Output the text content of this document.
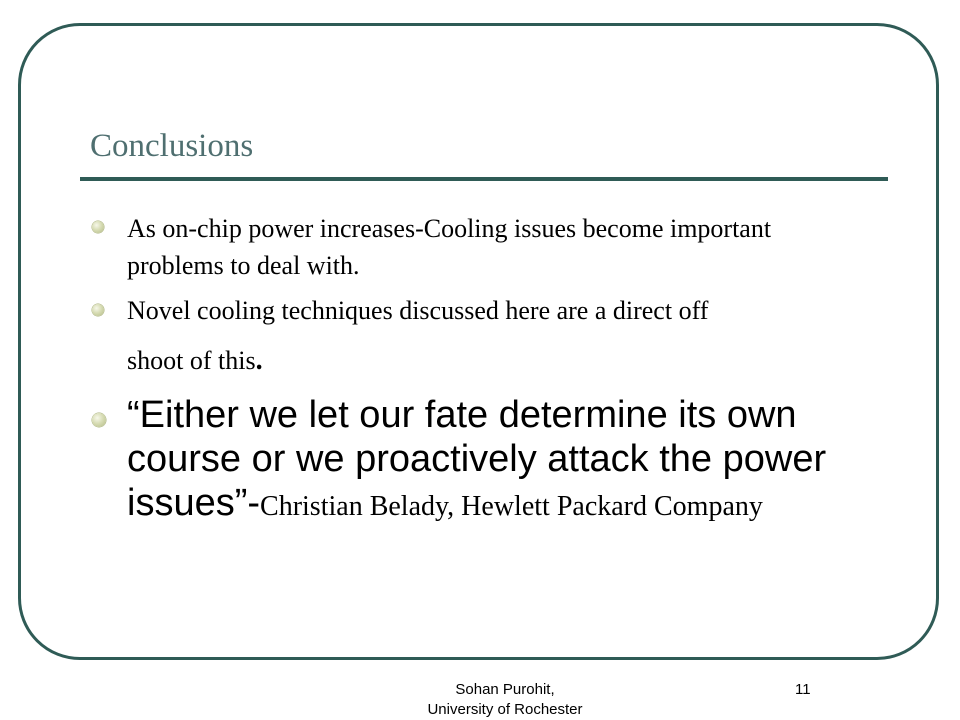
Conclusions

As on-chip power increases-Cooling issues become important problems to deal with.

Novel cooling techniques discussed here are a direct off

shoot of this.

“Either we let our fate determine its own course or we proactively attack the power issues”-Christian Belady, Hewlett Packard Company

Sohan Purohit,
University of Rochester
11
